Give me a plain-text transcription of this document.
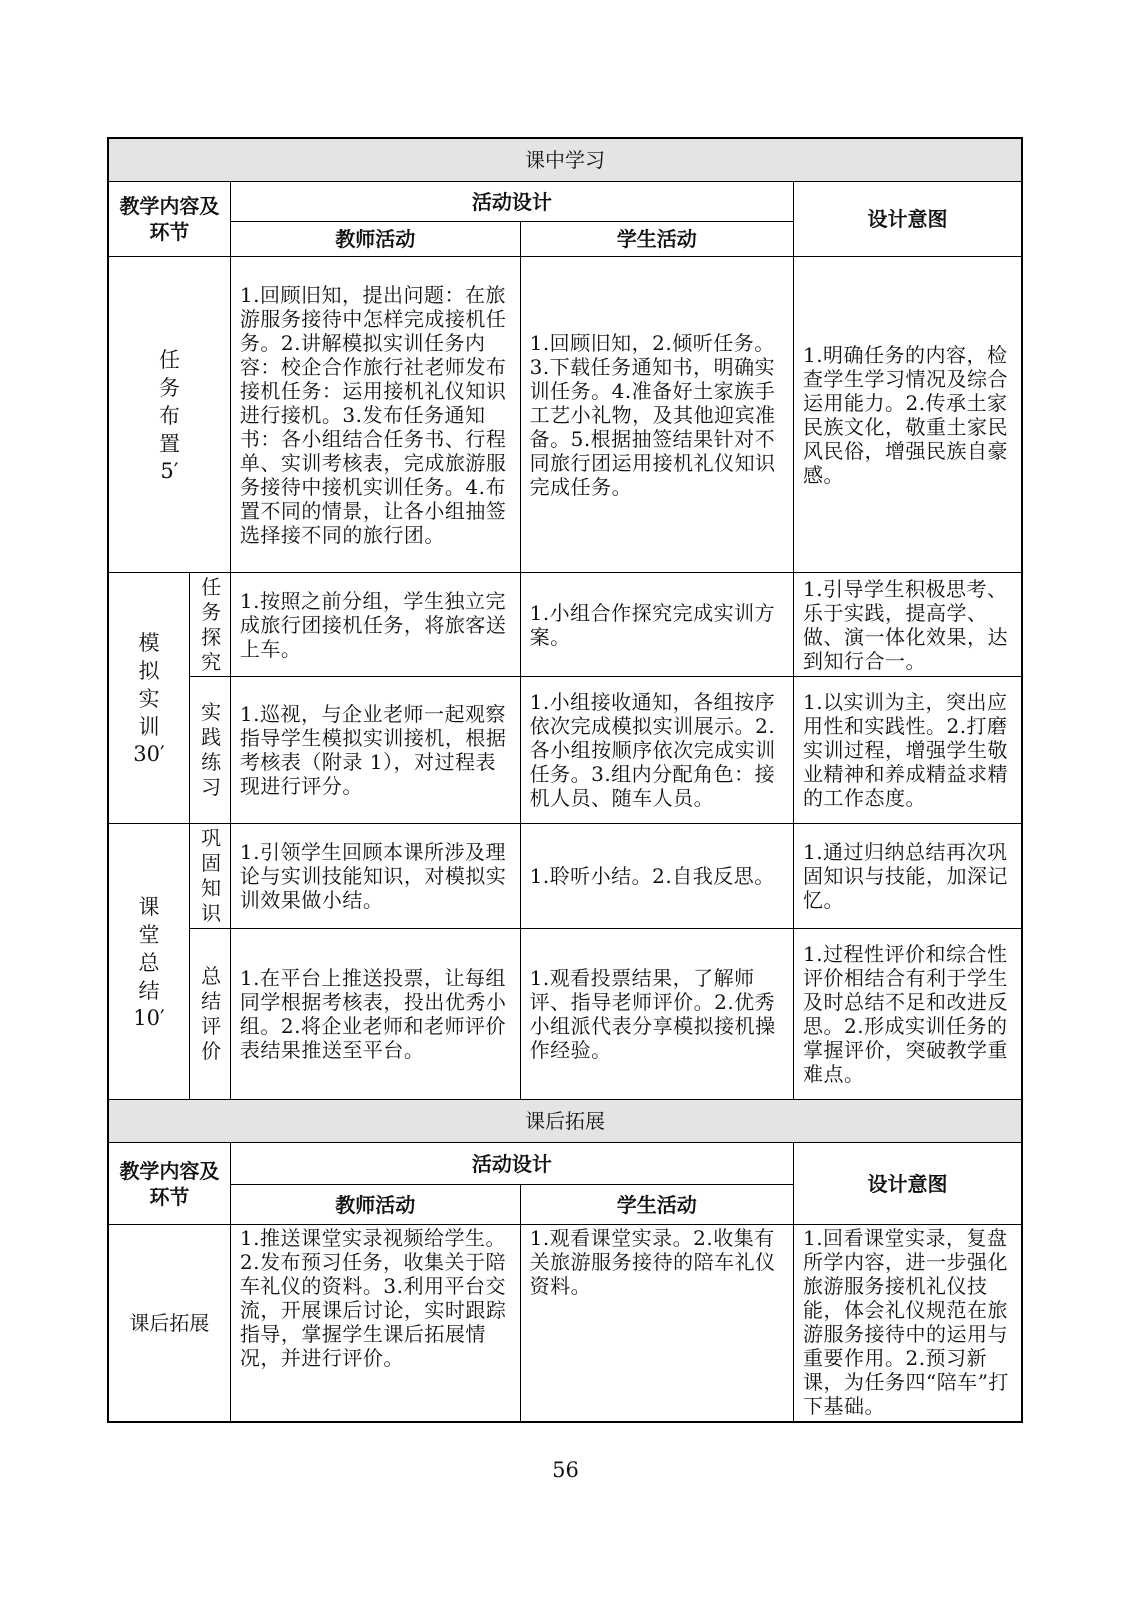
课中学习				
教学内容及环节		活动设计		设计意图
		教师活动	学生活动	
任务布置
5′		1.回顾旧知，提出问题：在旅游服务接待中怎样完成接机任务。2.讲解模拟实训任务内容：校企合作旅行社老师发布接机任务：运用接机礼仪知识进行接机。3.发布任务通知书：各小组结合任务书、行程单、实训考核表，完成旅游服务接待中接机实训任务。4.布置不同的情景，让各小组抽签选择接不同的旅行团。	1.回顾旧知，2.倾听任务。3.下载任务通知书，明确实训任务。4.准备好土家族手工艺小礼物，及其他迎宾准备。5.根据抽签结果针对不同旅行团运用接机礼仪知识完成任务。	1.明确任务的内容，检查学生学习情况及综合运用能力。2.传承土家民族文化，敬重土家民风民俗，增强民族自豪感。
模拟实训
30′	任务探究	1.按照之前分组，学生独立完成旅行团接机任务，将旅客送上车。	1.小组合作探究完成实训方案。	1.引导学生积极思考、乐于实践，提高学、做、演一体化效果，达到知行合一。
	实践练习	1.巡视，与企业老师一起观察指导学生模拟实训接机，根据考核表（附录 1），对过程表现进行评分。	1.小组接收通知，各组按序依次完成模拟实训展示。2.各小组按顺序依次完成实训任务。3.组内分配角色：接机人员、随车人员。	1.以实训为主，突出应用性和实践性。2.打磨实训过程，增强学生敬业精神和养成精益求精的工作态度。
课堂总结
10′	巩固知识	1.引领学生回顾本课所涉及理论与实训技能知识，对模拟实训效果做小结。	1.聆听小结。2.自我反思。	1.通过归纳总结再次巩固知识与技能，加深记忆。
	总结评价	1.在平台上推送投票，让每组同学根据考核表，投出优秀小组。2.将企业老师和老师评价表结果推送至平台。	1.观看投票结果，了解师评、指导老师评价。2.优秀小组派代表分享模拟接机操作经验。	1.过程性评价和综合性评价相结合有利于学生及时总结不足和改进反思。2.形成实训任务的掌握评价，突破教学重难点。
课后拓展				
教学内容及环节		活动设计		设计意图
		教师活动	学生活动	
课后拓展		1.推送课堂实录视频给学生。2.发布预习任务，收集关于陪车礼仪的资料。3.利用平台交流，开展课后讨论，实时跟踪指导，掌握学生课后拓展情况，并进行评价。	1.观看课堂实录。2.收集有关旅游服务接待的陪车礼仪资料。	1.回看课堂实录，复盘所学内容，进一步强化旅游服务接机礼仪技能，体会礼仪规范在旅游服务接待中的运用与重要作用。2.预习新课，为任务四“陪车”打下基础。
56
